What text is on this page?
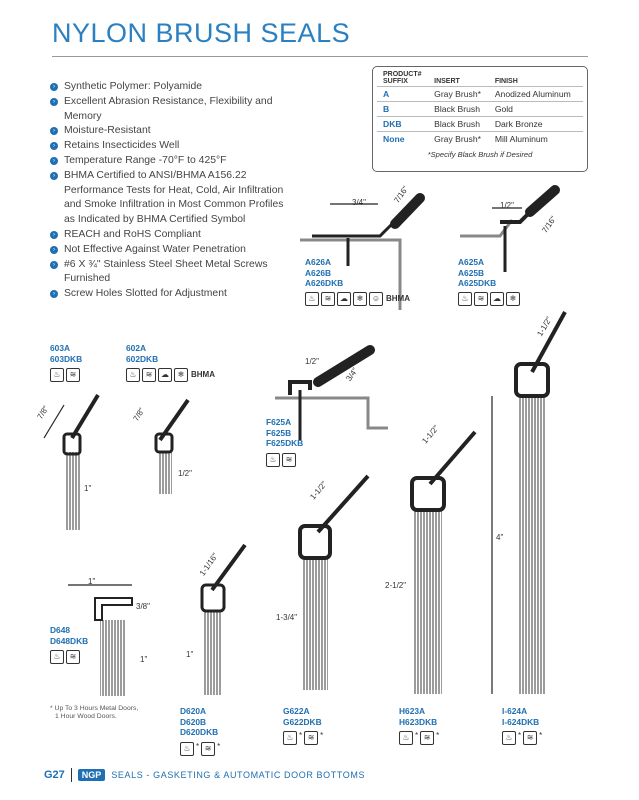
NYLON BRUSH SEALS
› Synthetic Polymer: Polyamide
› Excellent Abrasion Resistance, Flexibility and Memory
› Moisture-Resistant
› Retains Insecticides Well
› Temperature Range -70°F to 425°F
› BHMA Certified to ANSI/BHMA A156.22 Performance Tests for Heat, Cold, Air Infiltration and Smoke Infiltration in Most Common Profiles as Indicated by BHMA Certified Symbol
› REACH and RoHS Compliant
› Not Effective Against Water Penetration
› #6 X ¾" Stainless Steel Sheet Metal Screws Furnished
› Screw Holes Slotted for Adjustment
PRODUCT#
SUFFIX	INSERT	FINISH
A	Gray Brush*	Anodized Aluminum
B	Black Brush	Gold
DKB	Black Brush	Dark Bronze
None	Gray Brush*	Mill Aluminum
*Specify Black Brush if Desired
3/4"	7/16"
1/2"
7/16"
7/8"
1"
7/8"
1/2"
1/2"
3/4"
1"
3/8"
1"
1-1/16"
1"
1-1/2"
1-3/4"
1-1/2"
2-1/2"
1-1/2"
4"
A626A
A626B
A626DKB
♨	≋	☁	❄	☺ BHMA
A625A
A625B
A625DKB
♨	≋	☁	❄
603A
603DKB
♨	≋
602A
602DKB
♨	≋	☁	❄ BHMA
F625A
F625B
F625DKB
♨	≋
D648
D648DKB
♨	≋
D620A
D620B
D620DKB
♨ * ≋ *
G622A
G622DKB
♨ * ≋ *
H623A
H623DKB
♨ * ≋ *
I-624A
I-624DKB
♨ * ≋ *
* Up To 3 Hours Metal Doors,
1 Hour Wood Doors.
G27	NGP	SEALS - GASKETING & AUTOMATIC DOOR BOTTOMS
